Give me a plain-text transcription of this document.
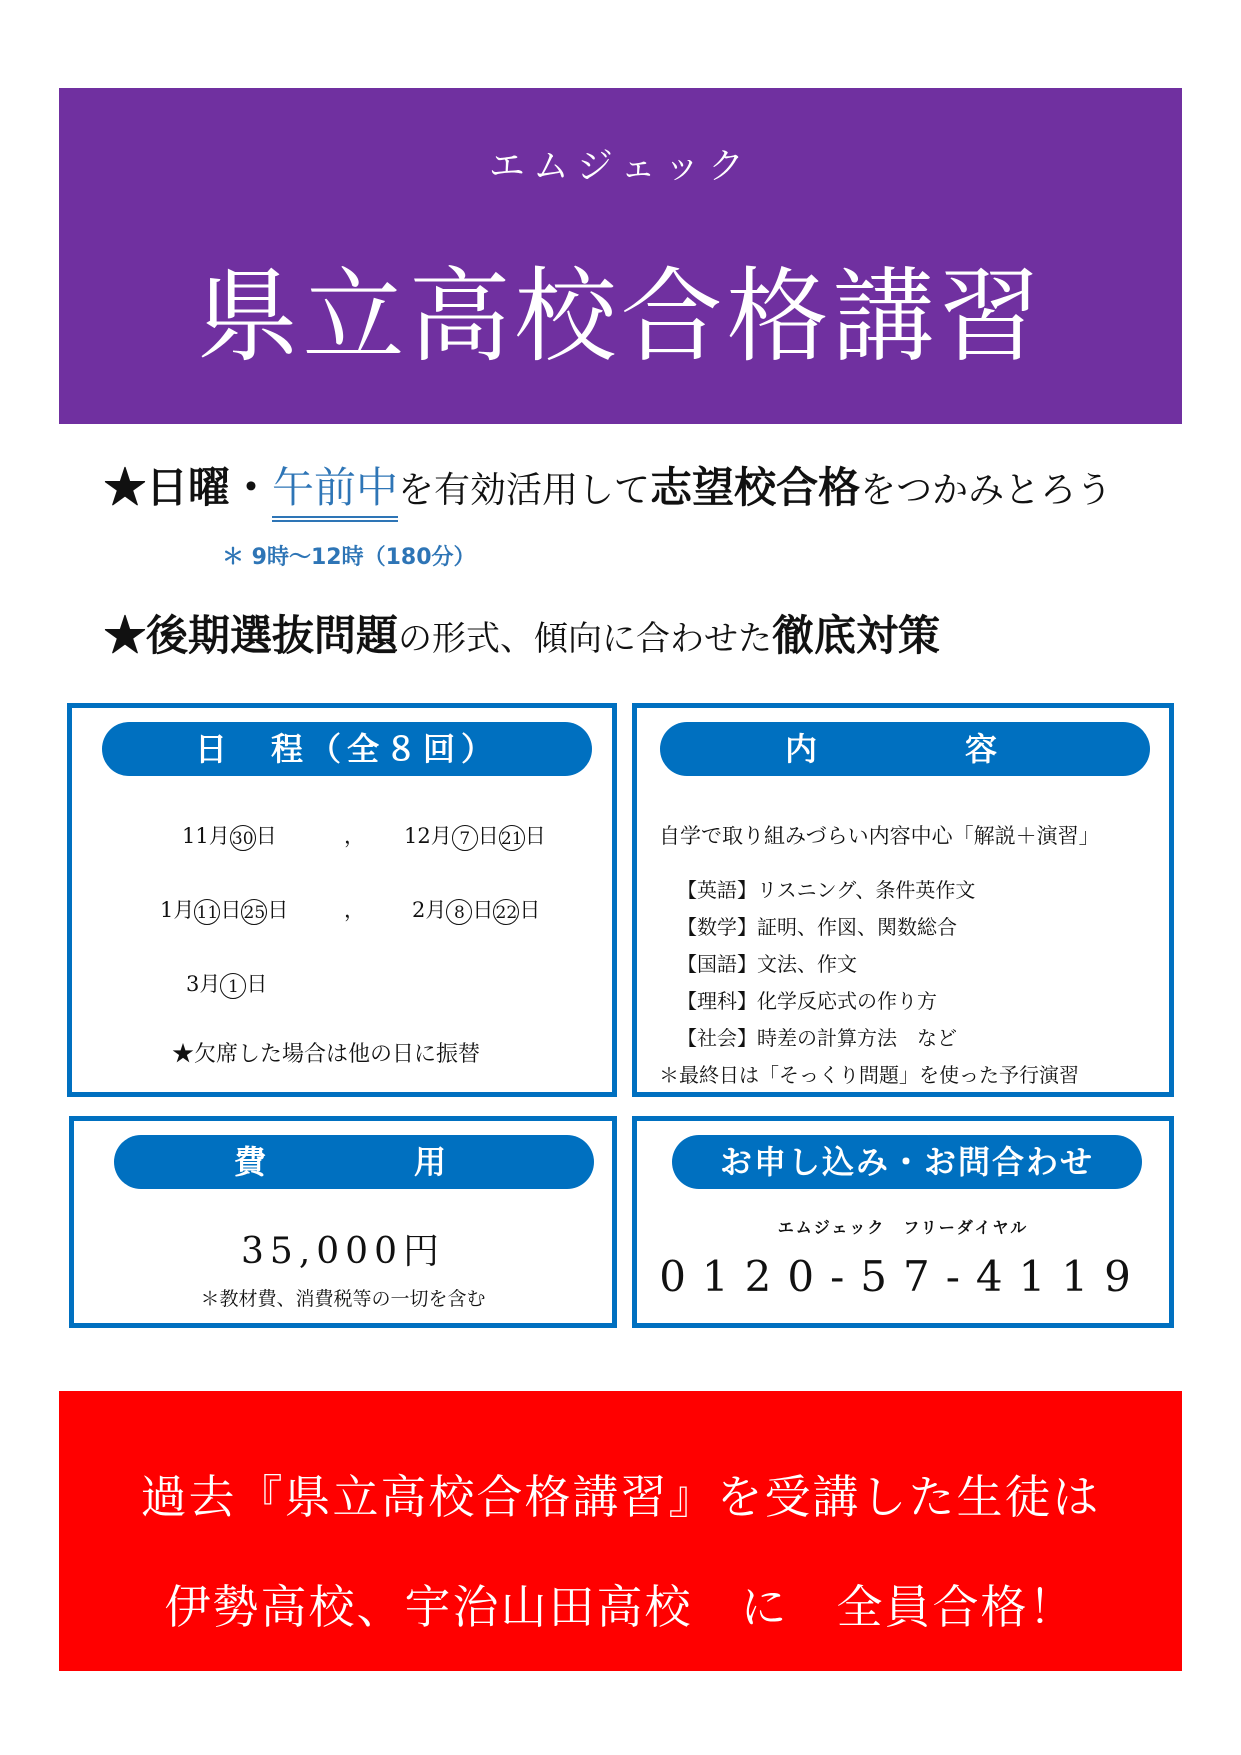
エムジェック
県立高校合格講習
★日曜・午前中を有効活用して志望校合格をつかみとろう
＊ 9時～12時（180分）
★後期選抜問題の形式、傾向に合わせた徹底対策
日　程（全８回）
11月 30 日	， 12月 7 日 21 日
1月 11 日 25 日	， 2月 8 日 22 日
3月 1 日
★欠席した場合は他の日に振替
内　　容
自学で取り組みづらい内容中心「解説＋演習」
【英語】リスニング、条件英作文
【数学】証明、作図、関数総合
【国語】文法、作文
【理科】化学反応式の作り方
【社会】時差の計算方法　など
＊最終日は「そっくり問題」を使った予行演習
費　　用
35,000円
＊教材費、消費税等の一切を含む
お申し込み・お問合わせ
エムジェック　フリーダイヤル
0120-57-4119
過去『県立高校合格講習』を受講した生徒は
伊勢高校、宇治山田高校　に　全員合格！
